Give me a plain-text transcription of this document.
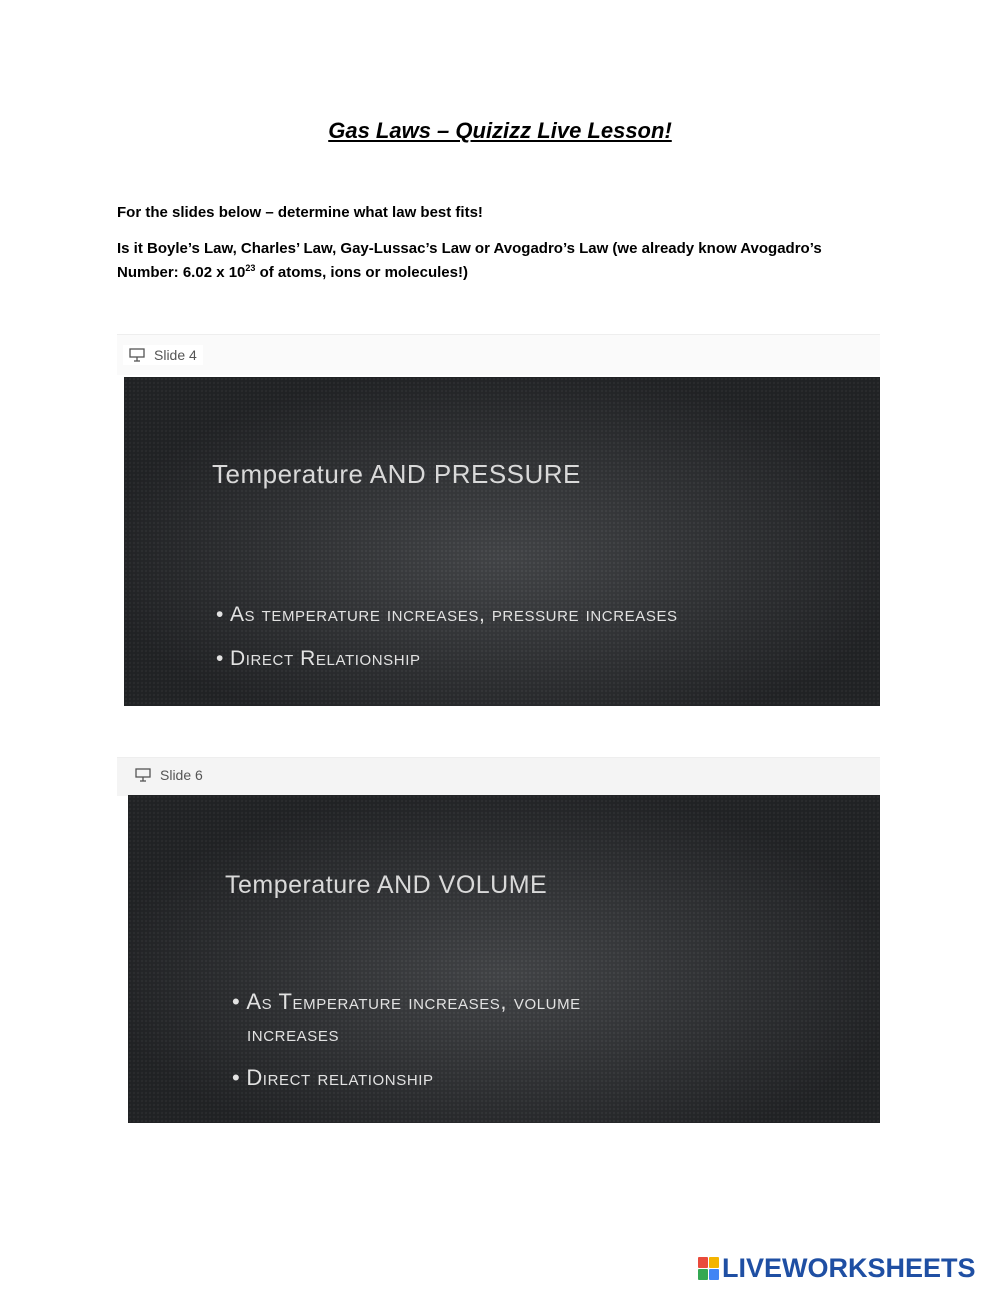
Gas Laws – Quizizz Live Lesson!
For the slides below – determine what law best fits!
Is it Boyle’s Law, Charles’ Law, Gay-Lussac’s Law or Avogadro’s Law (we already know Avogadro’s Number: 6.02 x $10^{23}$ of atoms, ions or molecules!)
Slide 4
Temperature AND PRESSURE
• As temperature increases, pressure increases
• Direct Relationship
Slide 6
Temperature AND VOLUME
• As Temperature increases, volume
increases
• Direct relationship
LIVEWORKSHEETS
